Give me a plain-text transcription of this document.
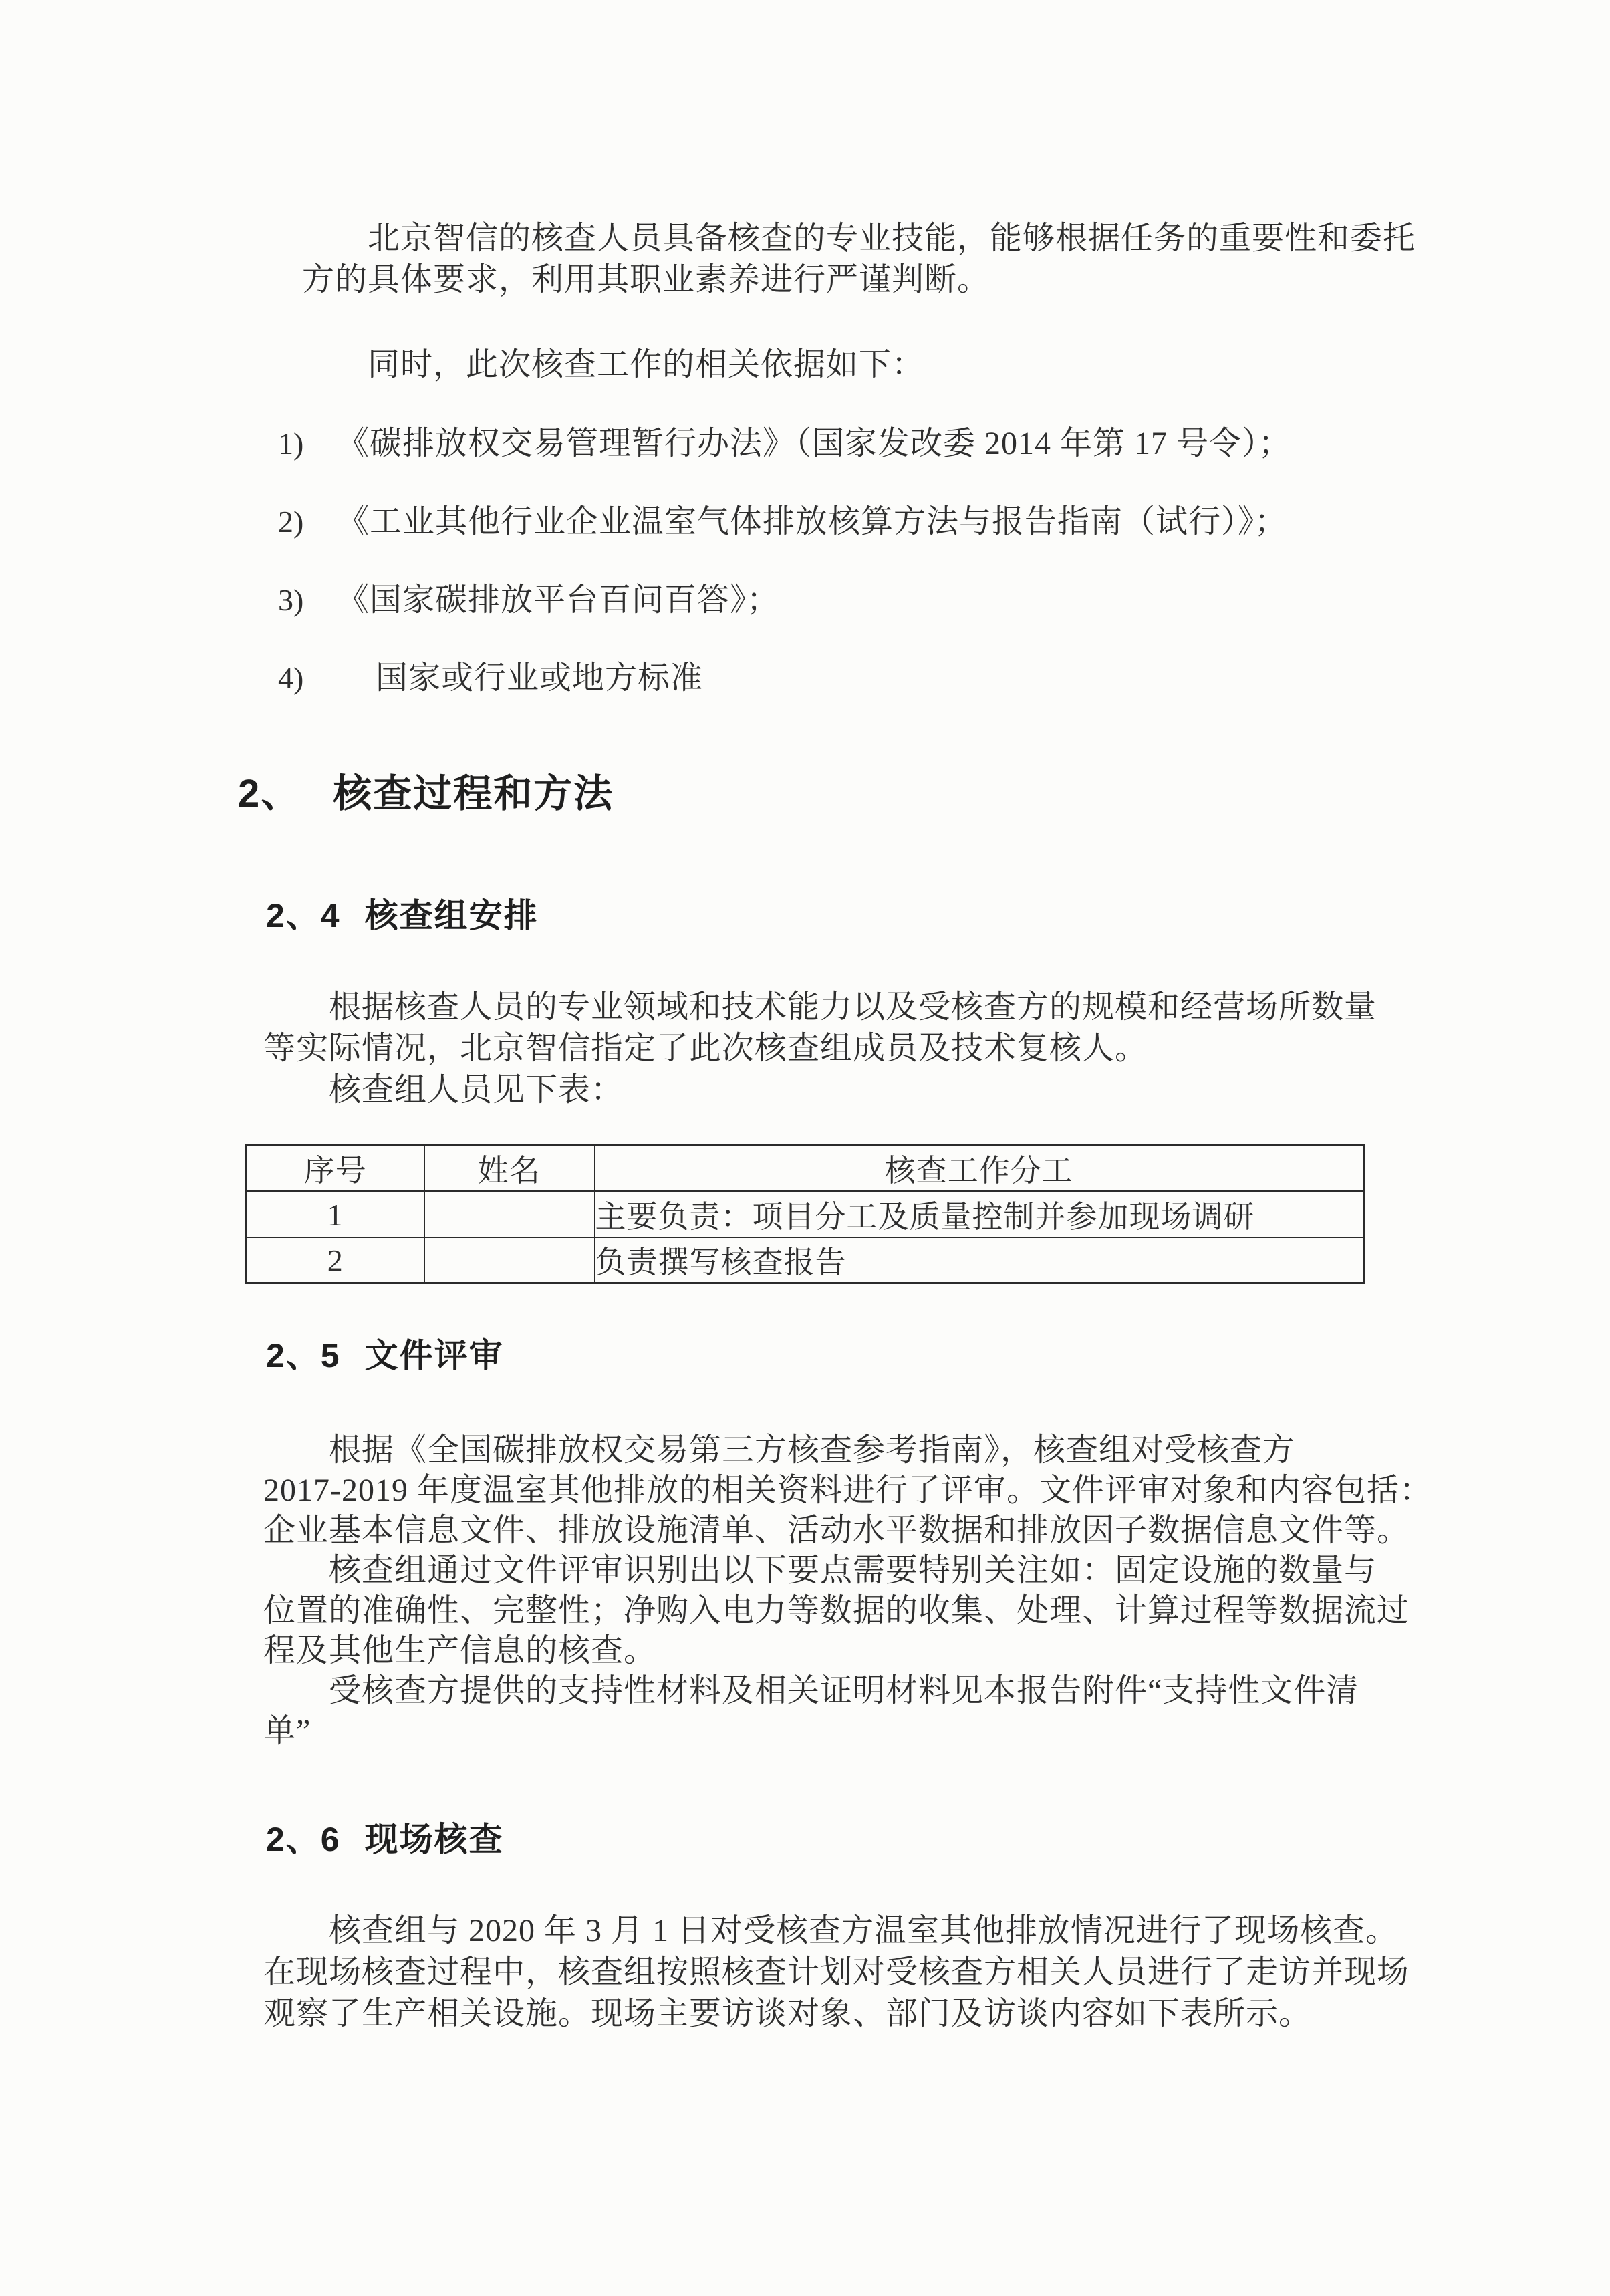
　　北京智信的核查人员具备核查的专业技能，能够根据任务的重要性和委托
方的具体要求，利用其职业素养进行严谨判断。
　　同时，此次核查工作的相关依据如下：
1)	《碳排放权交易管理暂行办法》（国家发改委 2014 年第 17 号令）；
2)	《工业其他行业企业温室气体排放核算方法与报告指南（试行）》；
3)	《国家碳排放平台百问百答》；
4)	国家或行业或地方标准
2、 核查过程和方法
2、4 核查组安排
　　根据核查人员的专业领域和技术能力以及受核查方的规模和经营场所数量
等实际情况，北京智信指定了此次核查组成员及技术复核人。
　　核查组人员见下表：
序号	姓名	核查工作分工
1		主要负责：项目分工及质量控制并参加现场调研
2		负责撰写核查报告
2、5 文件评审
　　根据《全国碳排放权交易第三方核查参考指南》，核查组对受核查方
2017-2019 年度温室其他排放的相关资料进行了评审。文件评审对象和内容包括：
企业基本信息文件、排放设施清单、活动水平数据和排放因子数据信息文件等。
　　核查组通过文件评审识别出以下要点需要特别关注如：固定设施的数量与
位置的准确性、完整性；净购入电力等数据的收集、处理、计算过程等数据流过
程及其他生产信息的核查。
　　受核查方提供的支持性材料及相关证明材料见本报告附件“支持性文件清
单”
2、6 现场核查
　　核查组与 2020 年 3 月 1 日对受核查方温室其他排放情况进行了现场核查。
在现场核查过程中，核查组按照核查计划对受核查方相关人员进行了走访并现场
观察了生产相关设施。现场主要访谈对象、部门及访谈内容如下表所示。
